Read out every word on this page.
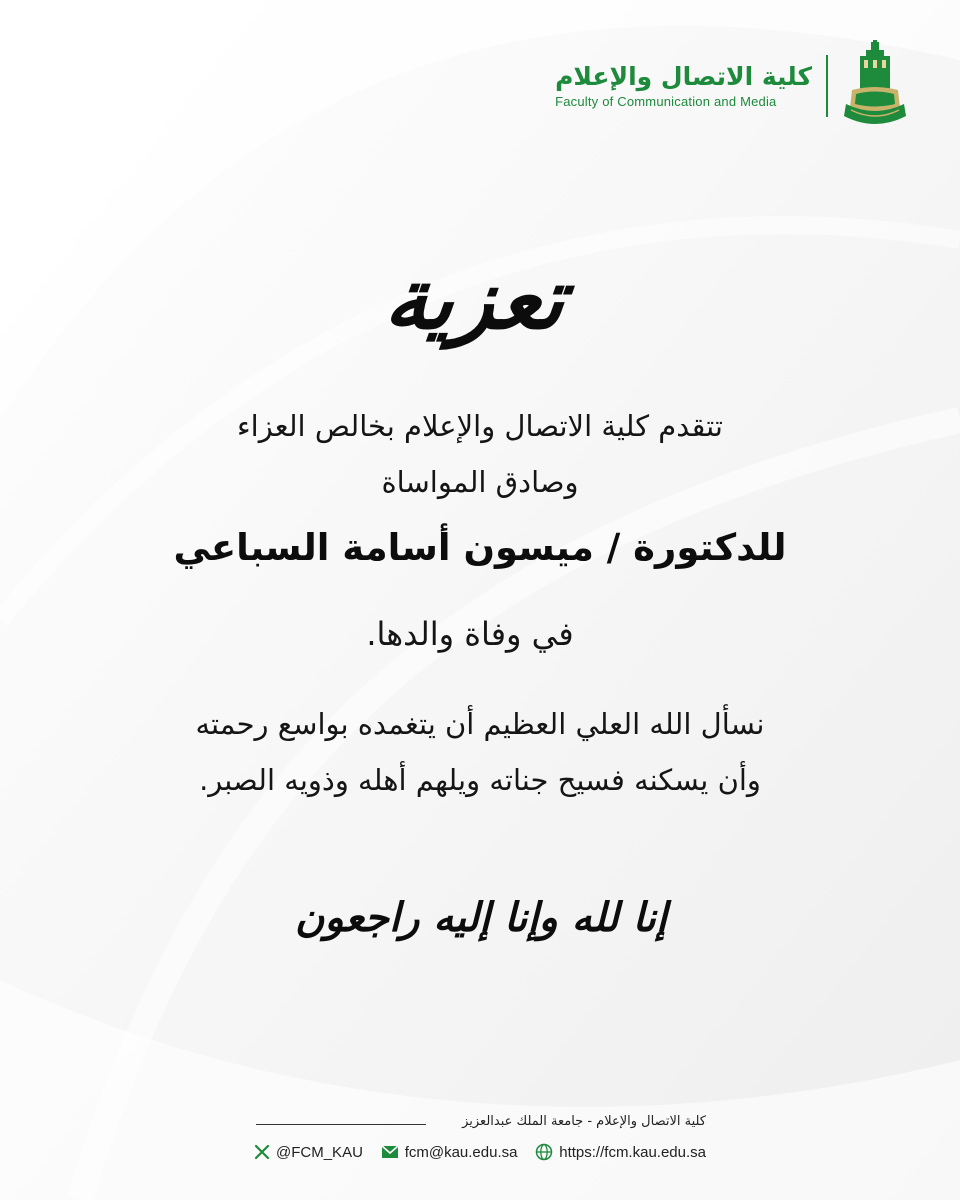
كلية الاتصال والإعلام
Faculty of Communication and Media
تعزية
تتقدم كلية الاتصال والإعلام بخالص العزاء
وصادق المواساة
للدكتورة / ميسون أسامة السباعي
في وفاة والدها.
نسأل الله العلي العظيم أن يتغمده بواسع رحمته
وأن يسكنه فسيح جناته ويلهم أهله وذويه الصبر.
إنا لله وإنا إليه راجعون
كلية الاتصال والإعلام - جامعة الملك عبدالعزيز
@FCM_KAU	fcm@kau.edu.sa	https://fcm.kau.edu.sa
